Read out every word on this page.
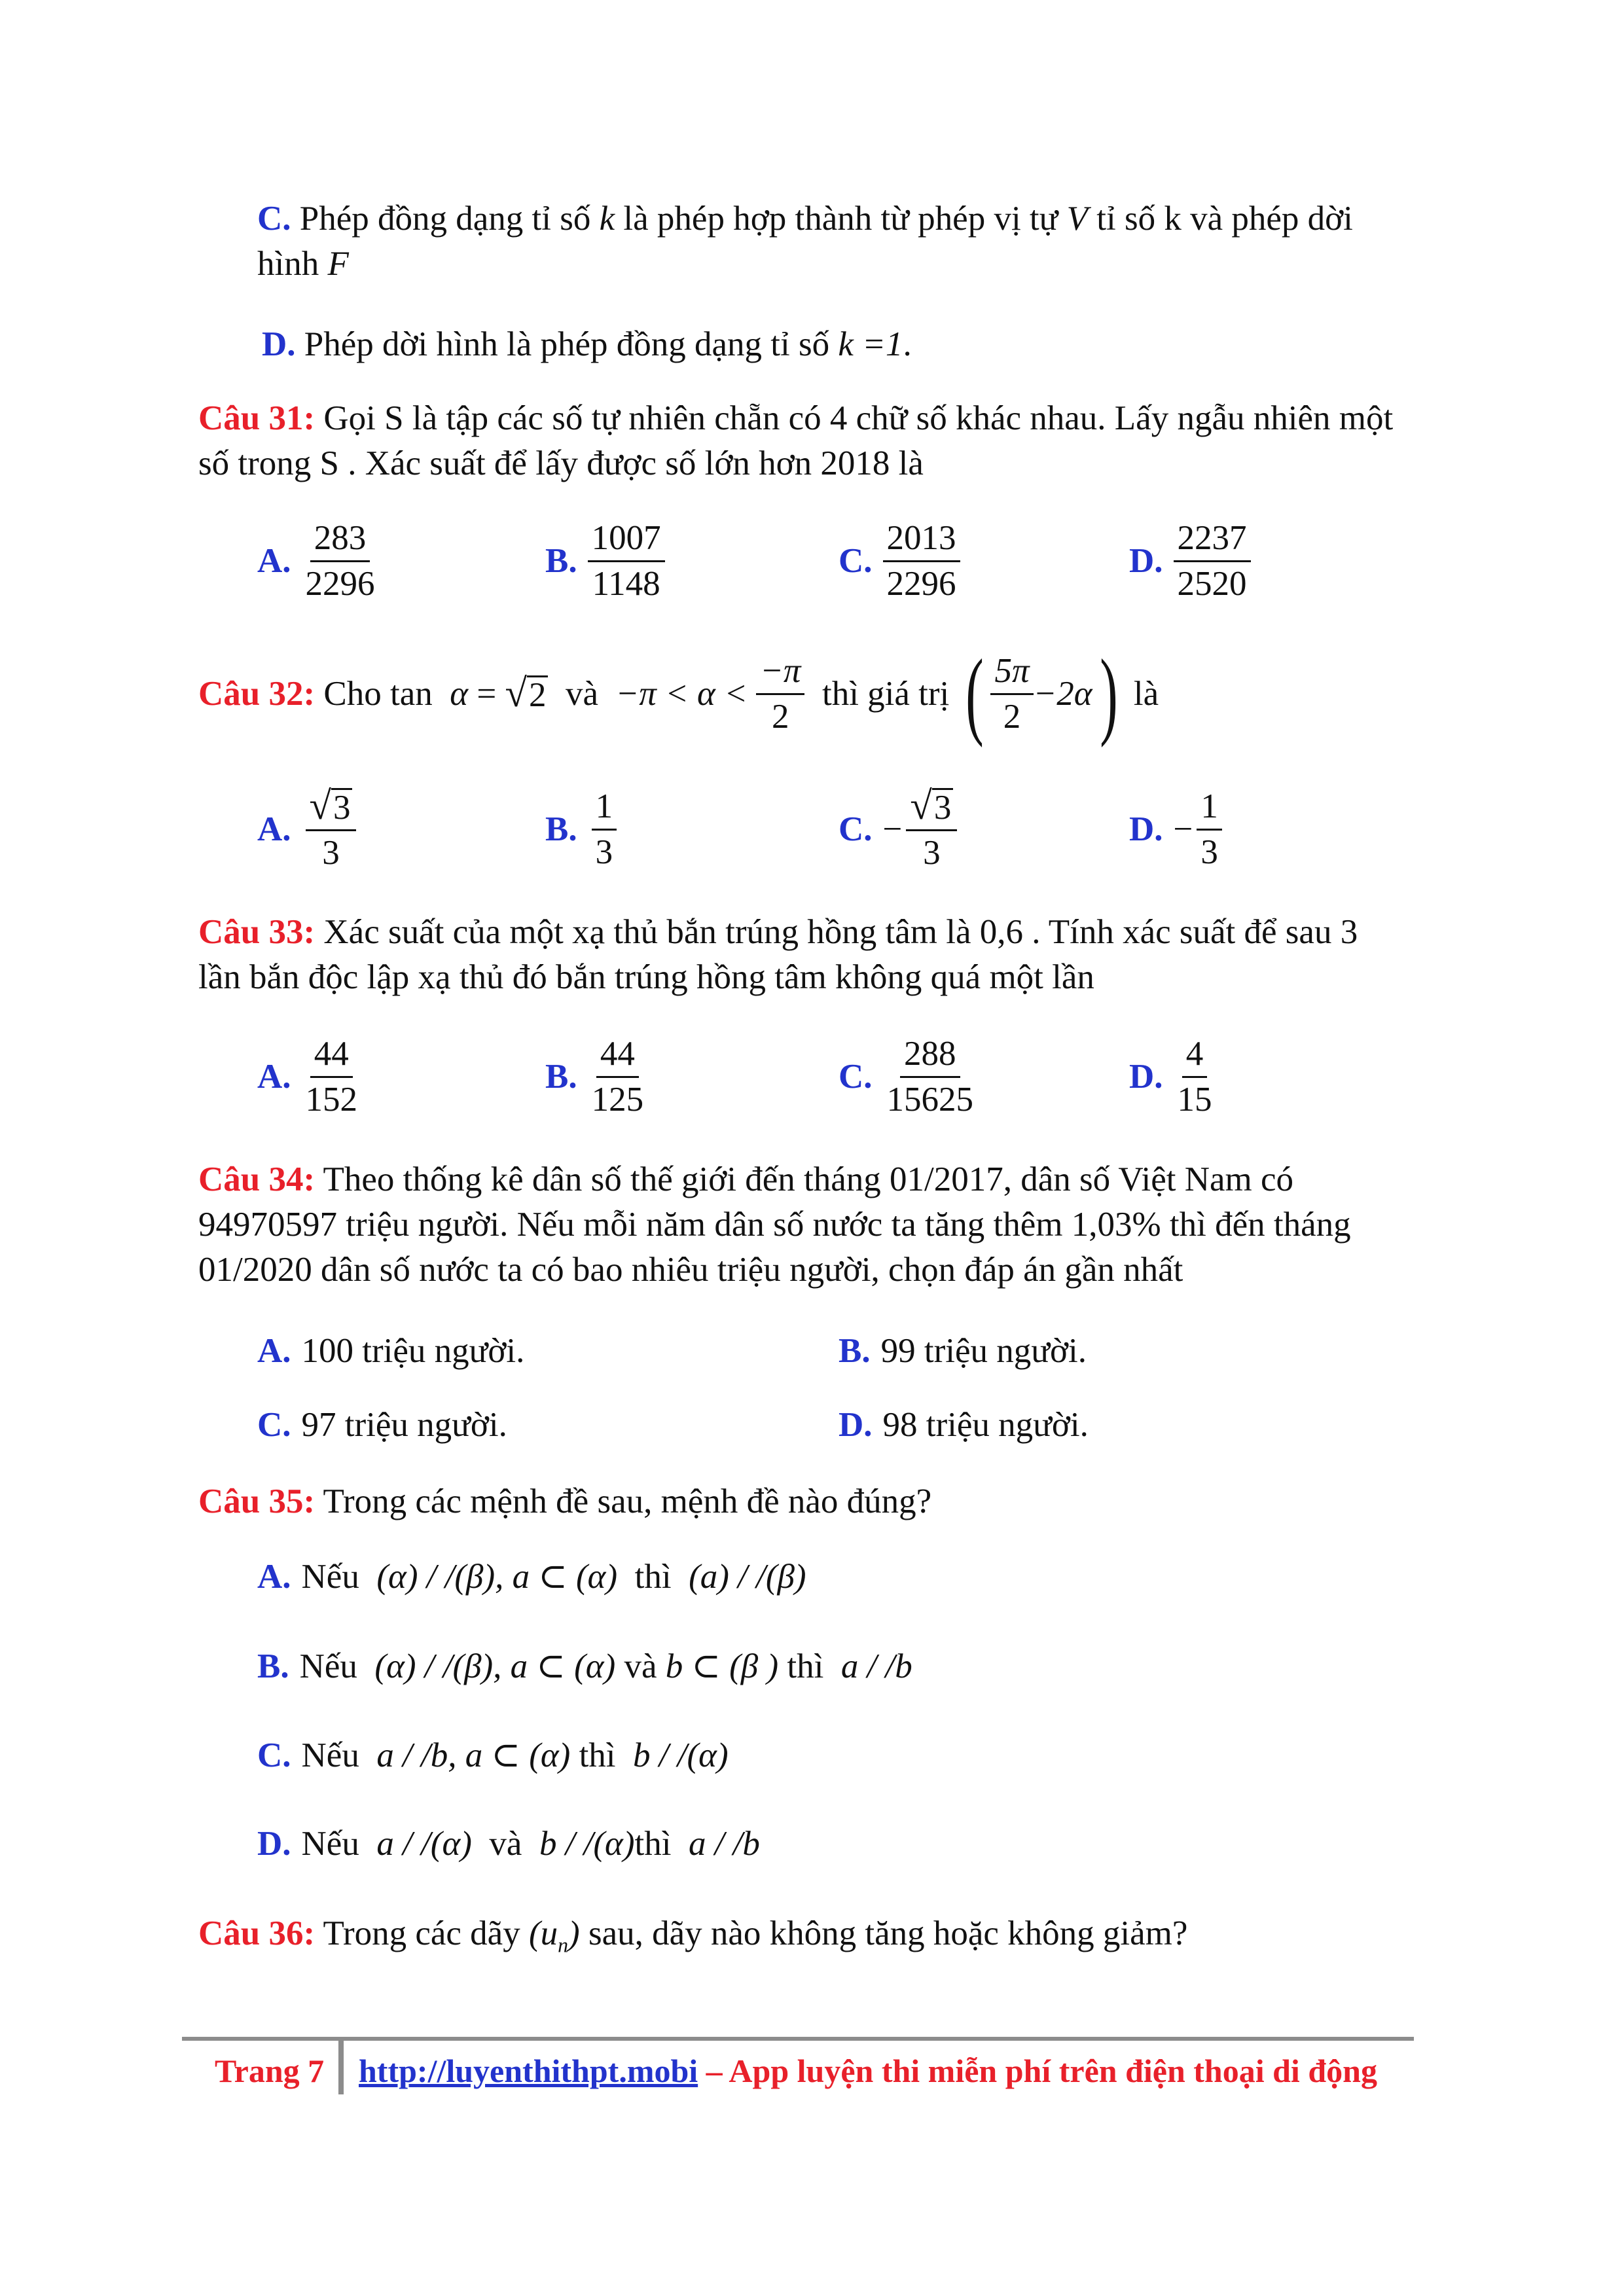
C. Phép đồng dạng tỉ số k là phép hợp thành từ phép vị tự V tỉ số k và phép dời
hình F
D. Phép dời hình là phép đồng dạng tỉ số k =1.
Câu 31: Gọi S là tập các số tự nhiên chẵn có 4 chữ số khác nhau. Lấy ngẫu nhiên một
số trong S . Xác suất để lấy được số lớn hơn 2018 là
A. $\frac{283}{2296}$	B. $\frac{1007}{1148}$	C. $\frac{2013}{2296}$	D. $\frac{2237}{2520}$
Câu 32:
Cho tan
α
=
√ 2
và
−π < α <
$\frac{-\pi}{2}$
thì giá trị
( $\frac{5\pi}{2} -2\alpha$ )
là
A. $\frac{√ 3}{3}$	B. $\frac{1}{3}$	C. − $\frac{√ 3}{3}$	D. − $\frac{1}{3}$
Câu 33: Xác suất của một xạ thủ bắn trúng hồng tâm là 0,6 . Tính xác suất để sau 3
lần bắn độc lập xạ thủ đó bắn trúng hồng tâm không quá một lần
A. $\frac{44}{152}$	B. $\frac{44}{125}$	C. $\frac{288}{15625}$	D. $\frac{4}{15}$
Câu 34: Theo thống kê dân số thế giới đến tháng 01/2017, dân số Việt Nam có
94970597 triệu người. Nếu mỗi năm dân số nước ta tăng thêm 1,03% thì đến tháng
01/2020 dân số nước ta có bao nhiêu triệu người, chọn đáp án gần nhất
A. 100 triệu người.	B. 99 triệu người.
C. 97 triệu người.	D. 98 triệu người.
Câu 35: Trong các mệnh đề sau, mệnh đề nào đúng?
A. Nếu (α) / /(β), a ⊂ (α) thì (a) / /(β)
B. Nếu (α) / /(β), a ⊂ (α) và b ⊂ (β ) thì a / /b
C. Nếu a / /b, a ⊂ (α) thì b / /(α)
D. Nếu a / /(α) và b / /(α)thì a / /b
Câu 36: Trong các dãy $(u_n)$ sau, dãy nào không tăng hoặc không giảm?
Trang 7 http://luyenthithpt.mobi – App luyện thi miễn phí trên điện thoại di động
